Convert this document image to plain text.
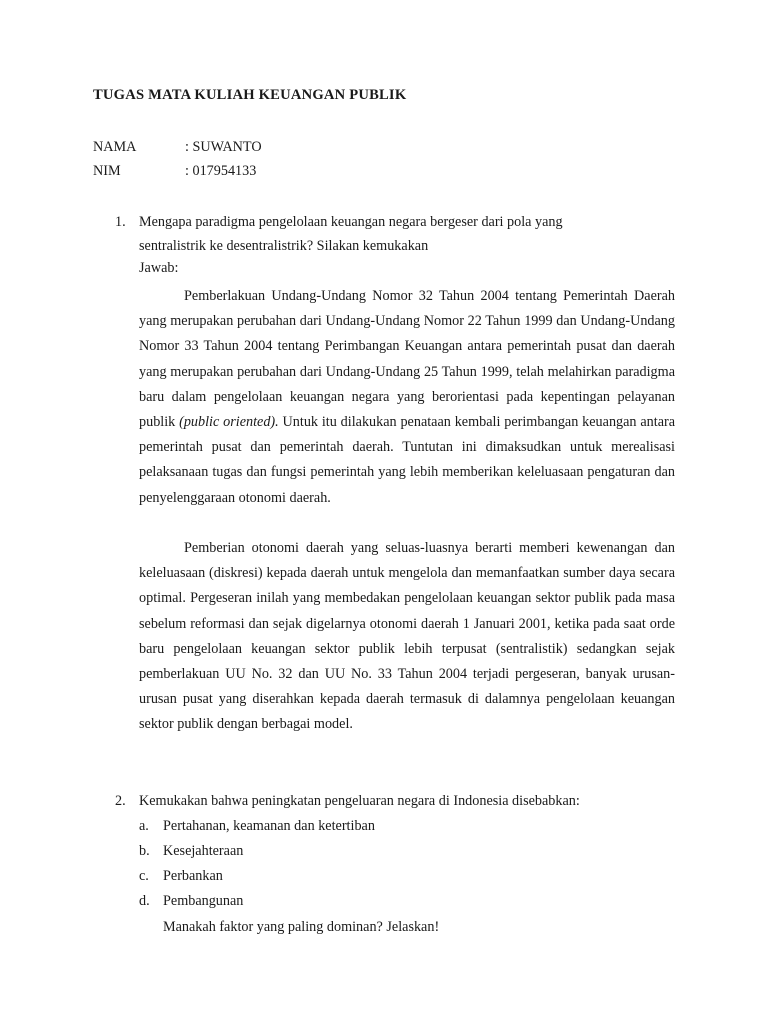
TUGAS MATA KULIAH KEUANGAN PUBLIK
NAMA	: SUWANTO
NIM	: 017954133
1. Mengapa paradigma pengelolaan keuangan negara bergeser dari pola yang
sentralistrik ke desentralistrik? Silakan kemukakan
Jawab:
Pemberlakuan Undang-Undang Nomor 32 Tahun 2004 tentang Pemerintah Daerah yang merupakan perubahan dari Undang-Undang Nomor 22 Tahun 1999 dan Undang-Undang Nomor 33 Tahun 2004 tentang Perimbangan Keuangan antara pemerintah pusat dan daerah yang merupakan perubahan dari Undang-Undang 25 Tahun 1999, telah melahirkan paradigma baru dalam pengelolaan keuangan negara yang berorientasi pada kepentingan pelayanan publik (public oriented). Untuk itu dilakukan penataan kembali perimbangan keuangan antara pemerintah pusat dan pemerintah daerah. Tuntutan ini dimaksudkan untuk merealisasi pelaksanaan tugas dan fungsi pemerintah yang lebih memberikan keleluasaan pengaturan dan penyelenggaraan otonomi daerah.
Pemberian otonomi daerah yang seluas-luasnya berarti memberi kewenangan dan keleluasaan (diskresi) kepada daerah untuk mengelola dan memanfaatkan sumber daya secara optimal. Pergeseran inilah yang membedakan pengelolaan keuangan sektor publik pada masa sebelum reformasi dan sejak digelarnya otonomi daerah 1 Januari 2001, ketika pada saat orde baru pengelolaan keuangan sektor publik lebih terpusat (sentralistik) sedangkan sejak pemberlakuan UU No. 32 dan UU No. 33 Tahun 2004 terjadi pergeseran, banyak urusan-urusan pusat yang diserahkan kepada daerah termasuk di dalamnya pengelolaan keuangan sektor publik dengan berbagai model.
2. Kemukakan bahwa peningkatan pengeluaran negara di Indonesia disebabkan:
a. Pertahanan, keamanan dan ketertiban
b. Kesejahteraan
c. Perbankan
d. Pembangunan
Manakah faktor yang paling dominan? Jelaskan!
